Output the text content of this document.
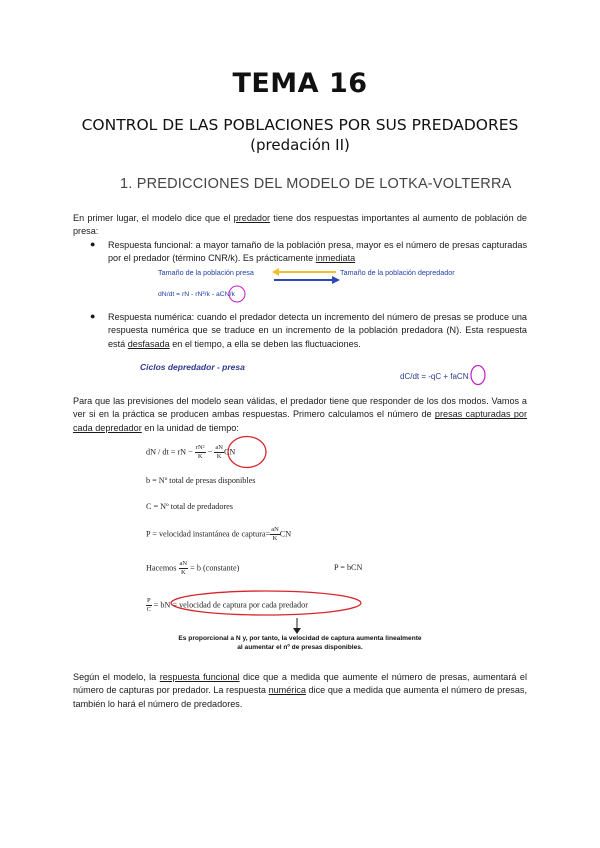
TEMA 16
CONTROL DE LAS POBLACIONES POR SUS PREDADORES
(predación II)
1. PREDICCIONES DEL MODELO DE LOTKA-VOLTERRA
En primer lugar, el modelo dice que el predador tiene dos respuestas importantes al aumento de población de presa:
● Respuesta funcional: a mayor tamaño de la población presa, mayor es el número de presas capturadas por el predador (término CNR/k). Es prácticamente inmediata
Tamaño de la población presa	Tamaño de la población depredador
dN/dt = rN - rN²/k - aCN/k
● Respuesta numérica: cuando el predador detecta un incremento del número de presas se produce una respuesta numérica que se traduce en un incremento de la población predadora (N). Esta respuesta está desfasada en el tiempo, a ella se deben las fluctuaciones.
Ciclos depredador - presa
dC/dt = -qC + faCN
Para que las previsiones del modelo sean válidas, el predador tiene que responder de los dos modos. Vamos a ver si en la práctica se producen ambas respuestas. Primero calculamos el número de presas capturadas por cada depredador en la unidad de tiempo:
dN / dt = rN − $\frac{\text{rN²}}{K} - \frac{aN}{K}$ CN
b = Nº total de presas disponibles
C = Nº total de predadores
P = velocidad instantánea de captura= $\frac{aN}{K}$ CN
Hacemos $\frac{aN}{K} = b$ (constante)	P = bCN
$\frac{P}{C}$ = bN = velocidad de captura por cada predador
Es proporcional a N y, por tanto, la velocidad de captura aumenta linealmente
al aumentar el nº de presas disponibles.
Según el modelo, la respuesta funcional dice que a medida que aumente el número de presas, aumentará el número de capturas por predador. La respuesta numérica dice que a medida que aumenta el número de presas, también lo hará el número de predadores.
